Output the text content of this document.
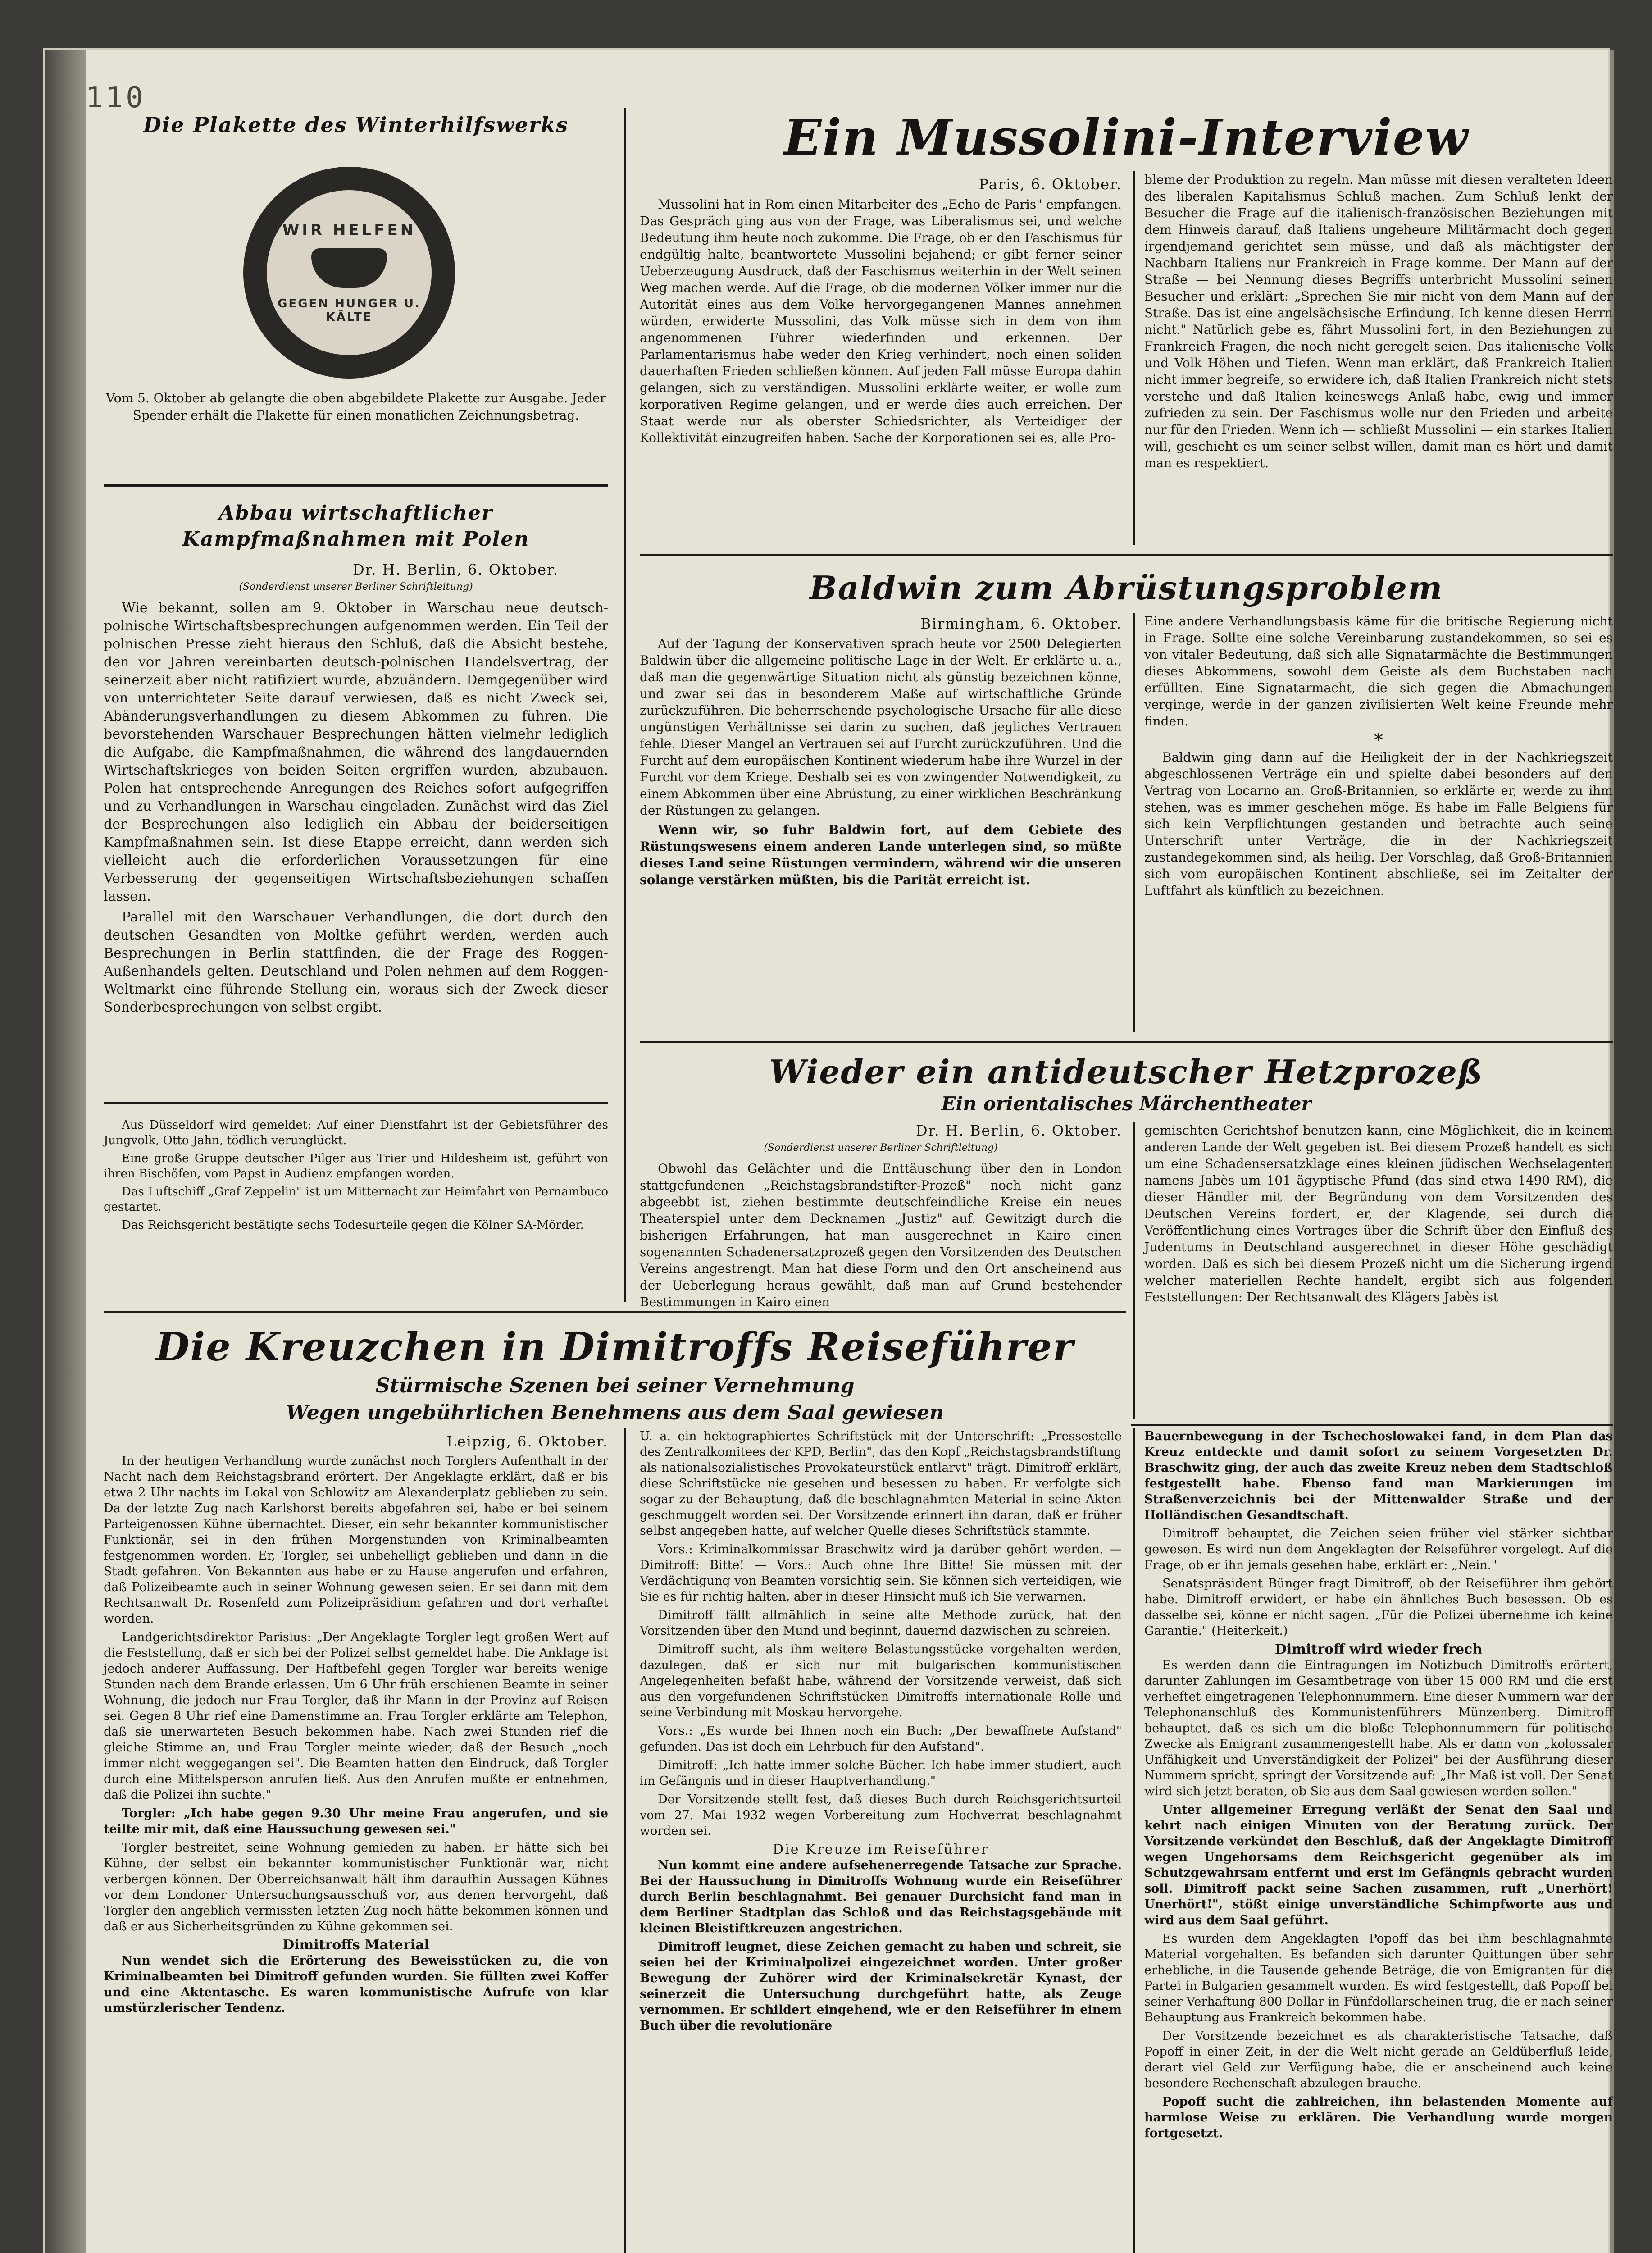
110
Die Plakette des Winterhilfswerks
WIR HELFEN
GEGEN HUNGER U. KÄLTE
Vom 5. Oktober ab gelangte die oben abgebildete Plakette zur Ausgabe. Jeder Spender erhält die Plakette für einen monatlichen Zeichnungsbetrag.
Abbau wirtschaftlicher Kampfmaßnahmen mit Polen
Dr. H. Berlin, 6. Oktober.
(Sonderdienst unserer Berliner Schriftleitung)

Wie bekannt, sollen am 9. Oktober in Warschau neue deutsch-polnische Wirtschaftsbesprechungen aufgenommen werden. Ein Teil der polnischen Presse zieht hieraus den Schluß, daß die Absicht bestehe, den vor Jahren vereinbarten deutsch-polnischen Handelsvertrag, der seinerzeit aber nicht ratifiziert wurde, abzuändern. Demgegenüber wird von unterrichteter Seite darauf verwiesen, daß es nicht Zweck sei, Abänderungsverhandlungen zu diesem Abkommen zu führen. Die bevorstehenden Warschauer Besprechungen hätten vielmehr lediglich die Aufgabe, die Kampfmaßnahmen, die während des langdauernden Wirtschaftskrieges von beiden Seiten ergriffen wurden, abzubauen. Polen hat entsprechende Anregungen des Reiches sofort aufgegriffen und zu Verhandlungen in Warschau eingeladen. Zunächst wird das Ziel der Besprechungen also lediglich ein Abbau der beiderseitigen Kampfmaßnahmen sein. Ist diese Etappe erreicht, dann werden sich vielleicht auch die erforderlichen Voraussetzungen für eine Verbesserung der gegenseitigen Wirtschaftsbeziehungen schaffen lassen.

Parallel mit den Warschauer Verhandlungen, die dort durch den deutschen Gesandten von Moltke geführt werden, werden auch Besprechungen in Berlin stattfinden, die der Frage des Roggen-Außenhandels gelten. Deutschland und Polen nehmen auf dem Roggen-Weltmarkt eine führende Stellung ein, woraus sich der Zweck dieser Sonderbesprechungen von selbst ergibt.

Aus Düsseldorf wird gemeldet: Auf einer Dienstfahrt ist der Gebietsführer des Jungvolk, Otto Jahn, tödlich verunglückt.

Eine große Gruppe deutscher Pilger aus Trier und Hildesheim ist, geführt von ihren Bischöfen, vom Papst in Audienz empfangen worden.

Das Luftschiff „Graf Zeppelin" ist um Mitternacht zur Heimfahrt von Pernambuco gestartet.

Das Reichsgericht bestätigte sechs Todesurteile gegen die Kölner SA-Mörder.

Ein Mussolini-Interview
Paris, 6. Oktober.

Mussolini hat in Rom einen Mitarbeiter des „Echo de Paris" empfangen. Das Gespräch ging aus von der Frage, was Liberalismus sei, und welche Bedeutung ihm heute noch zukomme. Die Frage, ob er den Faschismus für endgültig halte, beantwortete Mussolini bejahend; er gibt ferner seiner Ueberzeugung Ausdruck, daß der Faschismus weiterhin in der Welt seinen Weg machen werde. Auf die Frage, ob die modernen Völker immer nur die Autorität eines aus dem Volke hervorgegangenen Mannes annehmen würden, erwiderte Mussolini, das Volk müsse sich in dem von ihm angenommenen Führer wiederfinden und erkennen. Der Parlamentarismus habe weder den Krieg verhindert, noch einen soliden dauerhaften Frieden schließen können. Auf jeden Fall müsse Europa dahin gelangen, sich zu verständigen. Mussolini erklärte weiter, er wolle zum korporativen Regime gelangen, und er werde dies auch erreichen. Der Staat werde nur als oberster Schiedsrichter, als Verteidiger der Kollektivität einzugreifen haben. Sache der Korporationen sei es, alle Pro-

bleme der Produktion zu regeln. Man müsse mit diesen veralteten Ideen des liberalen Kapitalismus Schluß machen. Zum Schluß lenkt der Besucher die Frage auf die italienisch-französischen Beziehungen mit dem Hinweis darauf, daß Italiens ungeheure Militärmacht doch gegen irgendjemand gerichtet sein müsse, und daß als mächtigster der Nachbarn Italiens nur Frankreich in Frage komme. Der Mann auf der Straße — bei Nennung dieses Begriffs unterbricht Mussolini seinen Besucher und erklärt: „Sprechen Sie mir nicht von dem Mann auf der Straße. Das ist eine angelsächsische Erfindung. Ich kenne diesen Herrn nicht." Natürlich gebe es, fährt Mussolini fort, in den Beziehungen zu Frankreich Fragen, die noch nicht geregelt seien. Das italienische Volk und Volk Höhen und Tiefen. Wenn man erklärt, daß Frankreich Italien nicht immer begreife, so erwidere ich, daß Italien Frankreich nicht stets verstehe und daß Italien keineswegs Anlaß habe, ewig und immer zufrieden zu sein. Der Faschismus wolle nur den Frieden und arbeite nur für den Frieden. Wenn ich — schließt Mussolini — ein starkes Italien will, geschieht es um seiner selbst willen, damit man es hört und damit man es respektiert.

Baldwin zum Abrüstungsproblem
Birmingham, 6. Oktober.

Auf der Tagung der Konservativen sprach heute vor 2500 Delegierten Baldwin über die allgemeine politische Lage in der Welt. Er erklärte u. a., daß man die gegenwärtige Situation nicht als günstig bezeichnen könne, und zwar sei das in besonderem Maße auf wirtschaftliche Gründe zurückzuführen. Die beherrschende psychologische Ursache für alle diese ungünstigen Verhältnisse sei darin zu suchen, daß jegliches Vertrauen fehle. Dieser Mangel an Vertrauen sei auf Furcht zurückzuführen. Und die Furcht auf dem europäischen Kontinent wiederum habe ihre Wurzel in der Furcht vor dem Kriege. Deshalb sei es von zwingender Notwendigkeit, zu einem Abkommen über eine Abrüstung, zu einer wirklichen Beschränkung der Rüstungen zu gelangen.

Wenn wir, so fuhr Baldwin fort, auf dem Gebiete des Rüstungswesens einem anderen Lande unterlegen sind, so müßte dieses Land seine Rüstungen vermindern, während wir die unseren solange verstärken müßten, bis die Parität erreicht ist.

Eine andere Verhandlungsbasis käme für die britische Regierung nicht in Frage. Sollte eine solche Vereinbarung zustandekommen, so sei es von vitaler Bedeutung, daß sich alle Signatarmächte die Bestimmungen dieses Abkommens, sowohl dem Geiste als dem Buchstaben nach erfüllten. Eine Signatarmacht, die sich gegen die Abmachungen verginge, werde in der ganzen zivilisierten Welt keine Freunde mehr finden.

*

Baldwin ging dann auf die Heiligkeit der in der Nachkriegszeit abgeschlossenen Verträge ein und spielte dabei besonders auf den Vertrag von Locarno an. Groß-Britannien, so erklärte er, werde zu ihm stehen, was es immer geschehen möge. Es habe im Falle Belgiens für sich kein Verpflichtungen gestanden und betrachte auch seine Unterschrift unter Verträge, die in der Nachkriegszeit zustandegekommen sind, als heilig. Der Vorschlag, daß Groß-Britannien sich vom europäischen Kontinent abschließe, sei im Zeitalter der Luftfahrt als künftlich zu bezeichnen.

Wieder ein antideutscher Hetzprozeß
Ein orientalisches Märchentheater
Dr. H. Berlin, 6. Oktober.
(Sonderdienst unserer Berliner Schriftleitung)

Obwohl das Gelächter und die Enttäuschung über den in London stattgefundenen „Reichstagsbrandstifter-Prozeß" noch nicht ganz abgeebbt ist, ziehen bestimmte deutschfeindliche Kreise ein neues Theaterspiel unter dem Decknamen „Justiz" auf. Gewitzigt durch die bisherigen Erfahrungen, hat man ausgerechnet in Kairo einen sogenannten Schadenersatzprozeß gegen den Vorsitzenden des Deutschen Vereins angestrengt. Man hat diese Form und den Ort anscheinend aus der Ueberlegung heraus gewählt, daß man auf Grund bestehender Bestimmungen in Kairo einen

gemischten Gerichtshof benutzen kann, eine Möglichkeit, die in keinem anderen Lande der Welt gegeben ist. Bei diesem Prozeß handelt es sich um eine Schadensersatzklage eines kleinen jüdischen Wechselagenten namens Jabès um 101 ägyptische Pfund (das sind etwa 1490 RM), die dieser Händler mit der Begründung von dem Vorsitzenden des Deutschen Vereins fordert, er, der Klagende, sei durch die Veröffentlichung eines Vortrages über die Schrift über den Einfluß des Judentums in Deutschland ausgerechnet in dieser Höhe geschädigt worden. Daß es sich bei diesem Prozeß nicht um die Sicherung irgend welcher materiellen Rechte handelt, ergibt sich aus folgenden Feststellungen: Der Rechtsanwalt des Klägers Jabès ist

Die Kreuzchen in Dimitroffs Reiseführer
Stürmische Szenen bei seiner Vernehmung
Wegen ungebührlichen Benehmens aus dem Saal gewiesen
Leipzig, 6. Oktober.

In der heutigen Verhandlung wurde zunächst noch Torglers Aufenthalt in der Nacht nach dem Reichstagsbrand erörtert. Der Angeklagte erklärt, daß er bis etwa 2 Uhr nachts im Lokal von Schlowitz am Alexanderplatz geblieben zu sein. Da der letzte Zug nach Karlshorst bereits abgefahren sei, habe er bei seinem Parteigenossen Kühne übernachtet. Dieser, ein sehr bekannter kommunistischer Funktionär, sei in den frühen Morgenstunden von Kriminalbeamten festgenommen worden. Er, Torgler, sei unbehelligt geblieben und dann in die Stadt gefahren. Von Bekannten aus habe er zu Hause angerufen und erfahren, daß Polizeibeamte auch in seiner Wohnung gewesen seien. Er sei dann mit dem Rechtsanwalt Dr. Rosenfeld zum Polizeipräsidium gefahren und dort verhaftet worden.

Landgerichtsdirektor Parisius: „Der Angeklagte Torgler legt großen Wert auf die Feststellung, daß er sich bei der Polizei selbst gemeldet habe. Die Anklage ist jedoch anderer Auffassung. Der Haftbefehl gegen Torgler war bereits wenige Stunden nach dem Brande erlassen. Um 6 Uhr früh erschienen Beamte in seiner Wohnung, die jedoch nur Frau Torgler, daß ihr Mann in der Provinz auf Reisen sei. Gegen 8 Uhr rief eine Damenstimme an. Frau Torgler erklärte am Telephon, daß sie unerwarteten Besuch bekommen habe. Nach zwei Stunden rief die gleiche Stimme an, und Frau Torgler meinte wieder, daß der Besuch „noch immer nicht weggegangen sei". Die Beamten hatten den Eindruck, daß Torgler durch eine Mittelsperson anrufen ließ. Aus den Anrufen mußte er entnehmen, daß die Polizei ihn suchte."

Torgler: „Ich habe gegen 9.30 Uhr meine Frau angerufen, und sie teilte mir mit, daß eine Haussuchung gewesen sei."

Torgler bestreitet, seine Wohnung gemieden zu haben. Er hätte sich bei Kühne, der selbst ein bekannter kommunistischer Funktionär war, nicht verbergen können. Der Oberreichsanwalt hält ihm daraufhin Aussagen Kühnes vor dem Londoner Untersuchungsausschuß vor, aus denen hervorgeht, daß Torgler den angeblich vermissten letzten Zug noch hätte bekommen können und daß er aus Sicherheitsgründen zu Kühne gekommen sei.

Dimitroffs Material

Nun wendet sich die Erörterung des Beweisstücken zu, die von Kriminalbeamten bei Dimitroff gefunden wurden. Sie füllten zwei Koffer und eine Aktentasche. Es waren kommunistische Aufrufe von klar umstürzlerischer Tendenz.

U. a. ein hektographiertes Schriftstück mit der Unterschrift: „Pressestelle des Zentralkomitees der KPD, Berlin", das den Kopf „Reichstagsbrandstiftung als nationalsozialistisches Provokateurstück entlarvt" trägt. Dimitroff erklärt, diese Schriftstücke nie gesehen und besessen zu haben. Er verfolgte sich sogar zu der Behauptung, daß die beschlagnahmten Material in seine Akten geschmuggelt worden sei. Der Vorsitzende erinnert ihn daran, daß er früher selbst angegeben hatte, auf welcher Quelle dieses Schriftstück stammte.

Vors.: Kriminalkommissar Braschwitz wird ja darüber gehört werden. — Dimitroff: Bitte! — Vors.: Auch ohne Ihre Bitte! Sie müssen mit der Verdächtigung von Beamten vorsichtig sein. Sie können sich verteidigen, wie Sie es für richtig halten, aber in dieser Hinsicht muß ich Sie verwarnen.

Dimitroff fällt allmählich in seine alte Methode zurück, hat den Vorsitzenden über den Mund und beginnt, dauernd dazwischen zu schreien.

Dimitroff sucht, als ihm weitere Belastungsstücke vorgehalten werden, dazulegen, daß er sich nur mit bulgarischen kommunistischen Angelegenheiten befaßt habe, während der Vorsitzende verweist, daß sich aus den vorgefundenen Schriftstücken Dimitroffs internationale Rolle und seine Verbindung mit Moskau hervorgehe.

Vors.: „Es wurde bei Ihnen noch ein Buch: „Der bewaffnete Aufstand" gefunden. Das ist doch ein Lehrbuch für den Aufstand".

Dimitroff: „Ich hatte immer solche Bücher. Ich habe immer studiert, auch im Gefängnis und in dieser Hauptverhandlung."

Der Vorsitzende stellt fest, daß dieses Buch durch Reichsgerichtsurteil vom 27. Mai 1932 wegen Vorbereitung zum Hochverrat beschlagnahmt worden sei.

Die Kreuze im Reiseführer

Nun kommt eine andere aufsehenerregende Tatsache zur Sprache. Bei der Haussuchung in Dimitroffs Wohnung wurde ein Reiseführer durch Berlin beschlagnahmt. Bei genauer Durchsicht fand man in dem Berliner Stadtplan das Schloß und das Reichstagsgebäude mit kleinen Bleistiftkreuzen angestrichen.

Dimitroff leugnet, diese Zeichen gemacht zu haben und schreit, sie seien bei der Kriminalpolizei eingezeichnet worden. Unter großer Bewegung der Zuhörer wird der Kriminalsekretär Kynast, der seinerzeit die Untersuchung durchgeführt hatte, als Zeuge vernommen. Er schildert eingehend, wie er den Reiseführer in einem Buch über die revolutionäre

Bauernbewegung in der Tschechoslowakei fand, in dem Plan das Kreuz entdeckte und damit sofort zu seinem Vorgesetzten Dr. Braschwitz ging, der auch das zweite Kreuz neben dem Stadtschloß festgestellt habe. Ebenso fand man Markierungen im Straßenverzeichnis bei der Mittenwalder Straße und der Holländischen Gesandtschaft.

Dimitroff behauptet, die Zeichen seien früher viel stärker sichtbar gewesen. Es wird nun dem Angeklagten der Reiseführer vorgelegt. Auf die Frage, ob er ihn jemals gesehen habe, erklärt er: „Nein."

Senatspräsident Bünger fragt Dimitroff, ob der Reiseführer ihm gehört habe. Dimitroff erwidert, er habe ein ähnliches Buch besessen. Ob es dasselbe sei, könne er nicht sagen. „Für die Polizei übernehme ich keine Garantie." (Heiterkeit.)

Dimitroff wird wieder frech

Es werden dann die Eintragungen im Notizbuch Dimitroffs erörtert, darunter Zahlungen im Gesamtbetrage von über 15 000 RM und die erst verheftet eingetragenen Telephonnummern. Eine dieser Nummern war der Telephonanschluß des Kommunistenführers Münzenberg. Dimitroff behauptet, daß es sich um die bloße Telephonnummern für politische Zwecke als Emigrant zusammengestellt habe. Als er dann von „kolossaler Unfähigkeit und Unverständigkeit der Polizei" bei der Ausführung dieser Nummern spricht, springt der Vorsitzende auf: „Ihr Maß ist voll. Der Senat wird sich jetzt beraten, ob Sie aus dem Saal gewiesen werden sollen."

Unter allgemeiner Erregung verläßt der Senat den Saal und kehrt nach einigen Minuten von der Beratung zurück. Der Vorsitzende verkündet den Beschluß, daß der Angeklagte Dimitroff wegen Ungehorsams dem Reichsgericht gegenüber als im Schutzgewahrsam entfernt und erst im Gefängnis gebracht wurden soll. Dimitroff packt seine Sachen zusammen, ruft „Unerhört! Unerhört!", stößt einige unverständliche Schimpfworte aus und wird aus dem Saal geführt.

Es wurden dem Angeklagten Popoff das bei ihm beschlagnahmte Material vorgehalten. Es befanden sich darunter Quittungen über sehr erhebliche, in die Tausende gehende Beträge, die von Emigranten für die Partei in Bulgarien gesammelt wurden. Es wird festgestellt, daß Popoff bei seiner Verhaftung 800 Dollar in Fünfdollarscheinen trug, die er nach seiner Behauptung aus Frankreich bekommen habe.

Der Vorsitzende bezeichnet es als charakteristische Tatsache, daß Popoff in einer Zeit, in der die Welt nicht gerade an Geldüberfluß leide, derart viel Geld zur Verfügung habe, die er anscheinend auch keine besondere Rechenschaft abzulegen brauche.

Popoff sucht die zahlreichen, ihn belastenden Momente auf harmlose Weise zu erklären. Die Verhandlung wurde morgen fortgesetzt.
